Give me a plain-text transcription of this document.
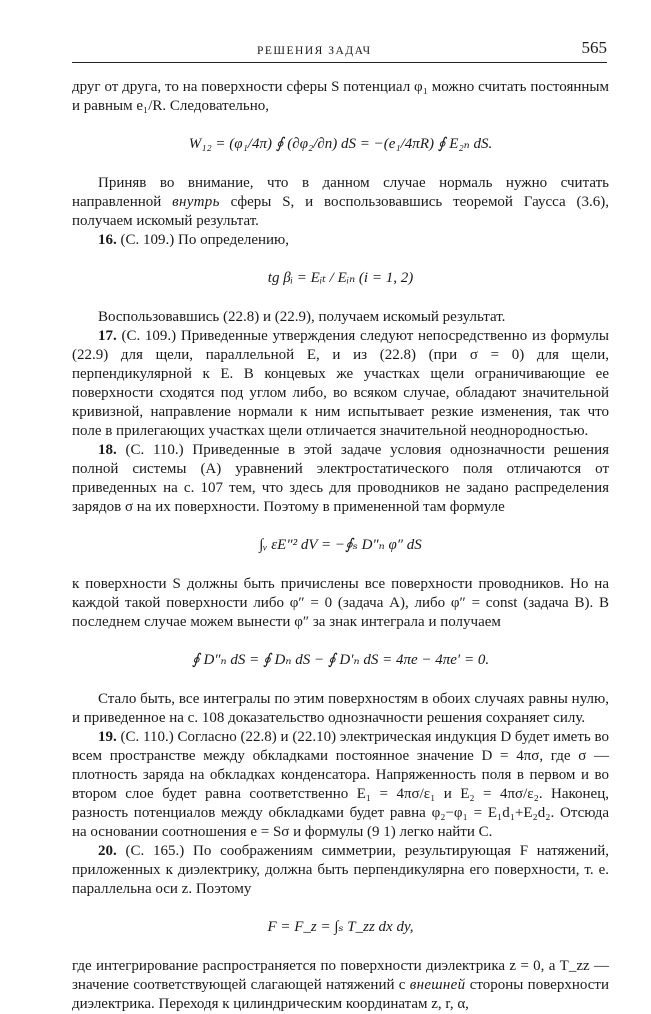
РЕШЕНИЯ ЗАДАЧ	565

друг от друга, то на поверхности сферы S потенциал φ₁ можно считать постоянным и равным e₁/R. Следовательно,

W₁₂ = (φ₁/4π) ∮ (∂φ₂/∂n) dS = −(e₁/4πR) ∮ E₂ₙ dS.

Приняв во внимание, что в данном случае нормаль нужно считать направленной внутрь сферы S, и воспользовавшись теоремой Гаусса (3.6), получаем искомый результат.

16. (С. 109.) По определению,

tg βᵢ = Eᵢₜ / Eᵢₙ (i = 1, 2)

Воспользовавшись (22.8) и (22.9), получаем искомый результат.

17. (С. 109.) Приведенные утверждения следуют непосредственно из формулы (22.9) для щели, параллельной E, и из (22.8) (при σ = 0) для щели, перпендикулярной к E. В концевых же участках щели ограничивающие ее поверхности сходятся под углом либо, во всяком случае, обладают значительной кривизной, направление нормали к ним испытывает резкие изменения, так что поле в прилегающих участках щели отличается значительной неоднородностью.

18. (С. 110.) Приведенные в этой задаче условия однозначности решения полной системы (A) уравнений электростатического поля отличаются от приведенных на с. 107 тем, что здесь для проводников не задано распределения зарядов σ на их поверхности. Поэтому в примененной там формуле

∫ᵥ εE″² dV = −∮ₛ D″ₙ φ″ dS

к поверхности S должны быть причислены все поверхности проводников. Но на каждой такой поверхности либо φ″ = 0 (задача A), либо φ″ = const (задача B). В последнем случае можем вынести φ″ за знак интеграла и получаем

∮ D″ₙ dS = ∮ Dₙ dS − ∮ D′ₙ dS = 4πe − 4πe′ = 0.

Стало быть, все интегралы по этим поверхностям в обоих случаях равны нулю, и приведенное на с. 108 доказательство однозначности решения сохраняет силу.

19. (С. 110.) Согласно (22.8) и (22.10) электрическая индукция D будет иметь во всем пространстве между обкладками постоянное значение D = 4πσ, где σ — плотность заряда на обкладках конденсатора. Напряженность поля в первом и во втором слое будет равна соответственно E₁ = 4πσ/ε₁ и E₂ = 4πσ/ε₂. Наконец, разность потенциалов между обкладками будет равна φ₂−φ₁ = E₁d₁+E₂d₂. Отсюда на основании соотношения e = Sσ и формулы (9 1) легко найти C.

20. (С. 165.) По соображениям симметрии, результирующая F натяжений, приложенных к диэлектрику, должна быть перпендикулярна его поверхности, т. е. параллельна оси z. Поэтому

F = F_z = ∫ₛ T_zz dx dy,

где интегрирование распространяется по поверхности диэлектрика z = 0, а T_zz — значение соответствующей слагающей натяжений с внешней стороны поверхности диэлектрика. Переходя к цилиндрическим координатам z, r, α,
